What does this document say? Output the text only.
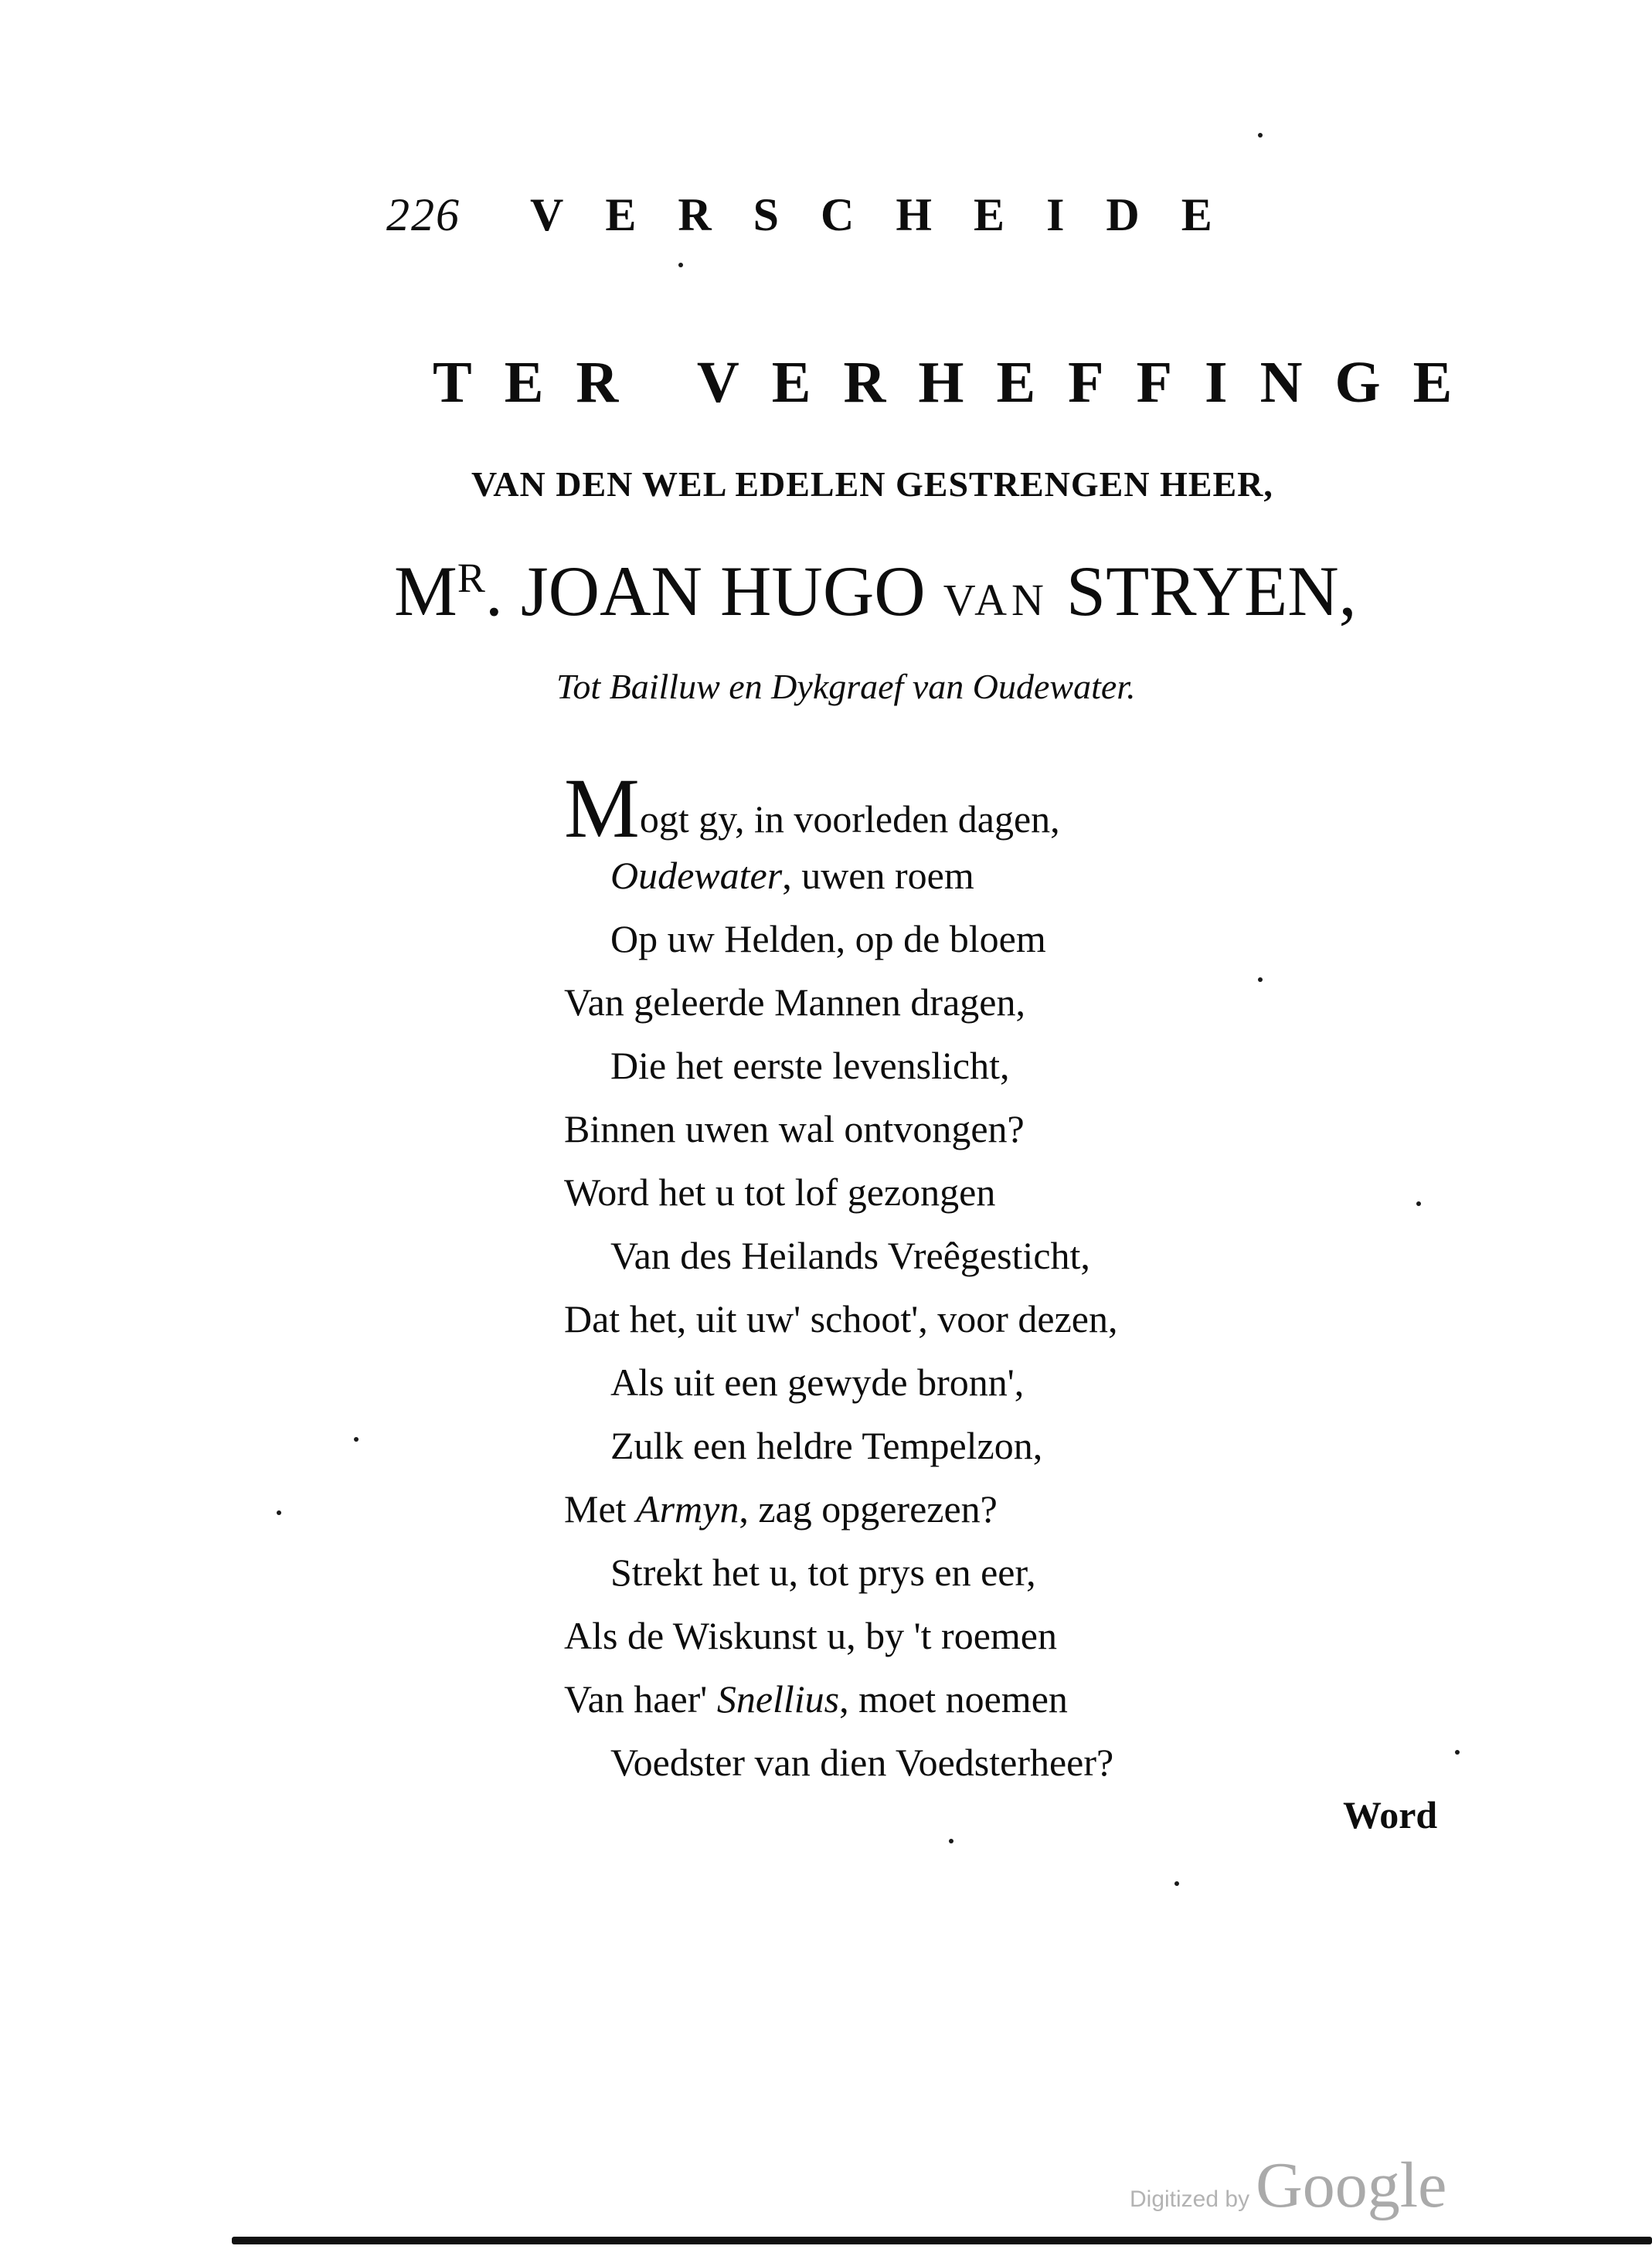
226 VERSCHEIDE
TER VERHEFFINGE
VAN DEN WEL EDELEN GESTRENGEN HEER,
$M^R$. JOAN HUGO VAN STRYEN,
Tot Bailluw en Dykgraef van Oudewater.
Mogt gy, in voorleden dagen,
Oudewater, uwen roem
Op uw Helden, op de bloem
Van geleerde Mannen dragen,
Die het eerste levenslicht,
Binnen uwen wal ontvongen?
Word het u tot lof gezongen
Van des Heilands Vreêgesticht,
Dat het, uit uw' schoot', voor dezen,
Als uit een gewyde bronn',
Zulk een heldre Tempelzon,
Met Armyn, zag opgerezen?
Strekt het u, tot prys en eer,
Als de Wiskunst u, by 't roemen
Van haer' Snellius, moet noemen
Voedster van dien Voedsterheer?
Word
Digitized by Google
